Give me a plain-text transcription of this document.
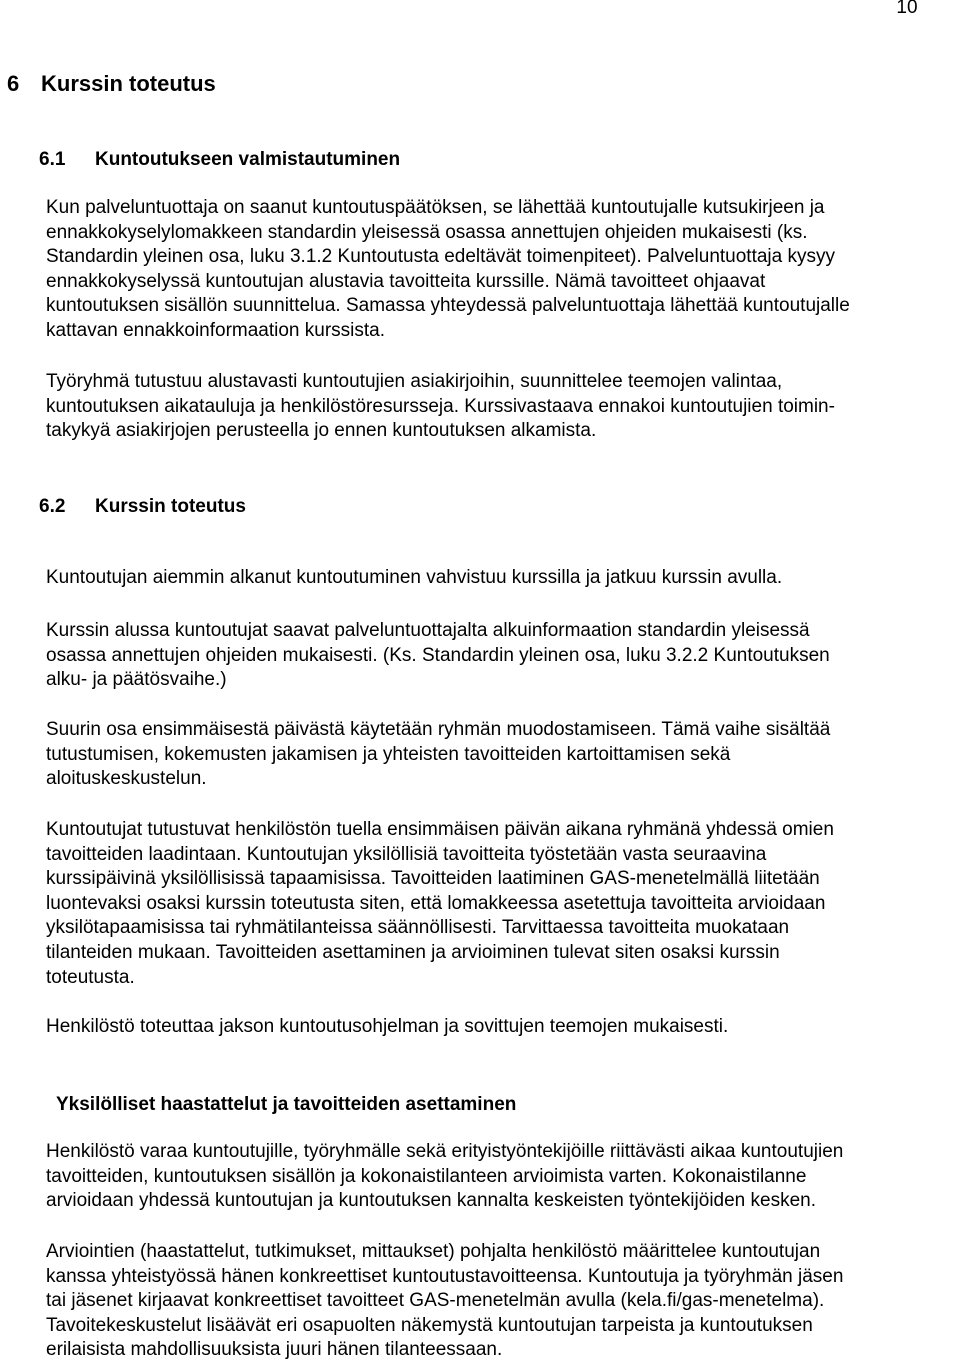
10
6 Kurssin toteutus
6.1 Kuntoutukseen valmistautuminen
Kun palveluntuottaja on saanut kuntoutuspäätöksen, se lähettää kuntoutujalle kutsukirjeen ja
ennakkokyselylomakkeen standardin yleisessä osassa annettujen ohjeiden mukaisesti (ks.
Standardin yleinen osa, luku 3.1.2 Kuntoutusta edeltävät toimenpiteet). Palveluntuottaja kysyy
ennakkokyselyssä kuntoutujan alustavia tavoitteita kurssille. Nämä tavoitteet ohjaavat
kuntoutuksen sisällön suunnittelua. Samassa yhteydessä palveluntuottaja lähettää kuntoutujalle
kattavan ennakkoinformaation kurssista.
Työryhmä tutustuu alustavasti kuntoutujien asiakirjoihin, suunnittelee teemojen valintaa,
kuntoutuksen aikatauluja ja henkilöstöresursseja. Kurssivastaava ennakoi kuntoutujien toimin-
takykyä asiakirjojen perusteella jo ennen kuntoutuksen alkamista.
6.2 Kurssin toteutus
Kuntoutujan aiemmin alkanut kuntoutuminen vahvistuu kurssilla ja jatkuu kurssin avulla.
Kurssin alussa kuntoutujat saavat palveluntuottajalta alkuinformaation standardin yleisessä
osassa annettujen ohjeiden mukaisesti. (Ks. Standardin yleinen osa, luku 3.2.2 Kuntoutuksen
alku- ja päätösvaihe.)
Suurin osa ensimmäisestä päivästä käytetään ryhmän muodostamiseen. Tämä vaihe sisältää
tutustumisen, kokemusten jakamisen ja yhteisten tavoitteiden kartoittamisen sekä
aloituskeskustelun.
Kuntoutujat tutustuvat henkilöstön tuella ensimmäisen päivän aikana ryhmänä yhdessä omien
tavoitteiden laadintaan. Kuntoutujan yksilöllisiä tavoitteita työstetään vasta seuraavina
kurssipäivinä yksilöllisissä tapaamisissa. Tavoitteiden laatiminen GAS-menetelmällä liitetään
luontevaksi osaksi kurssin toteutusta siten, että lomakkeessa asetettuja tavoitteita arvioidaan
yksilötapaamisissa tai ryhmätilanteissa säännöllisesti. Tarvittaessa tavoitteita muokataan
tilanteiden mukaan. Tavoitteiden asettaminen ja arvioiminen tulevat siten osaksi kurssin
toteutusta.
Henkilöstö toteuttaa jakson kuntoutusohjelman ja sovittujen teemojen mukaisesti.
Yksilölliset haastattelut ja tavoitteiden asettaminen
Henkilöstö varaa kuntoutujille, työryhmälle sekä erityistyöntekijöille riittävästi aikaa kuntoutujien
tavoitteiden, kuntoutuksen sisällön ja kokonaistilanteen arvioimista varten. Kokonaistilanne
arvioidaan yhdessä kuntoutujan ja kuntoutuksen kannalta keskeisten työntekijöiden kesken.
Arviointien (haastattelut, tutkimukset, mittaukset) pohjalta henkilöstö määrittelee kuntoutujan
kanssa yhteistyössä hänen konkreettiset kuntoutustavoitteensa. Kuntoutuja ja työryhmän jäsen
tai jäsenet kirjaavat konkreettiset tavoitteet GAS-menetelmän avulla (kela.fi/gas-menetelma).
Tavoitekeskustelut lisäävät eri osapuolten näkemystä kuntoutujan tarpeista ja kuntoutuksen
erilaisista mahdollisuuksista juuri hänen tilanteessaan.
